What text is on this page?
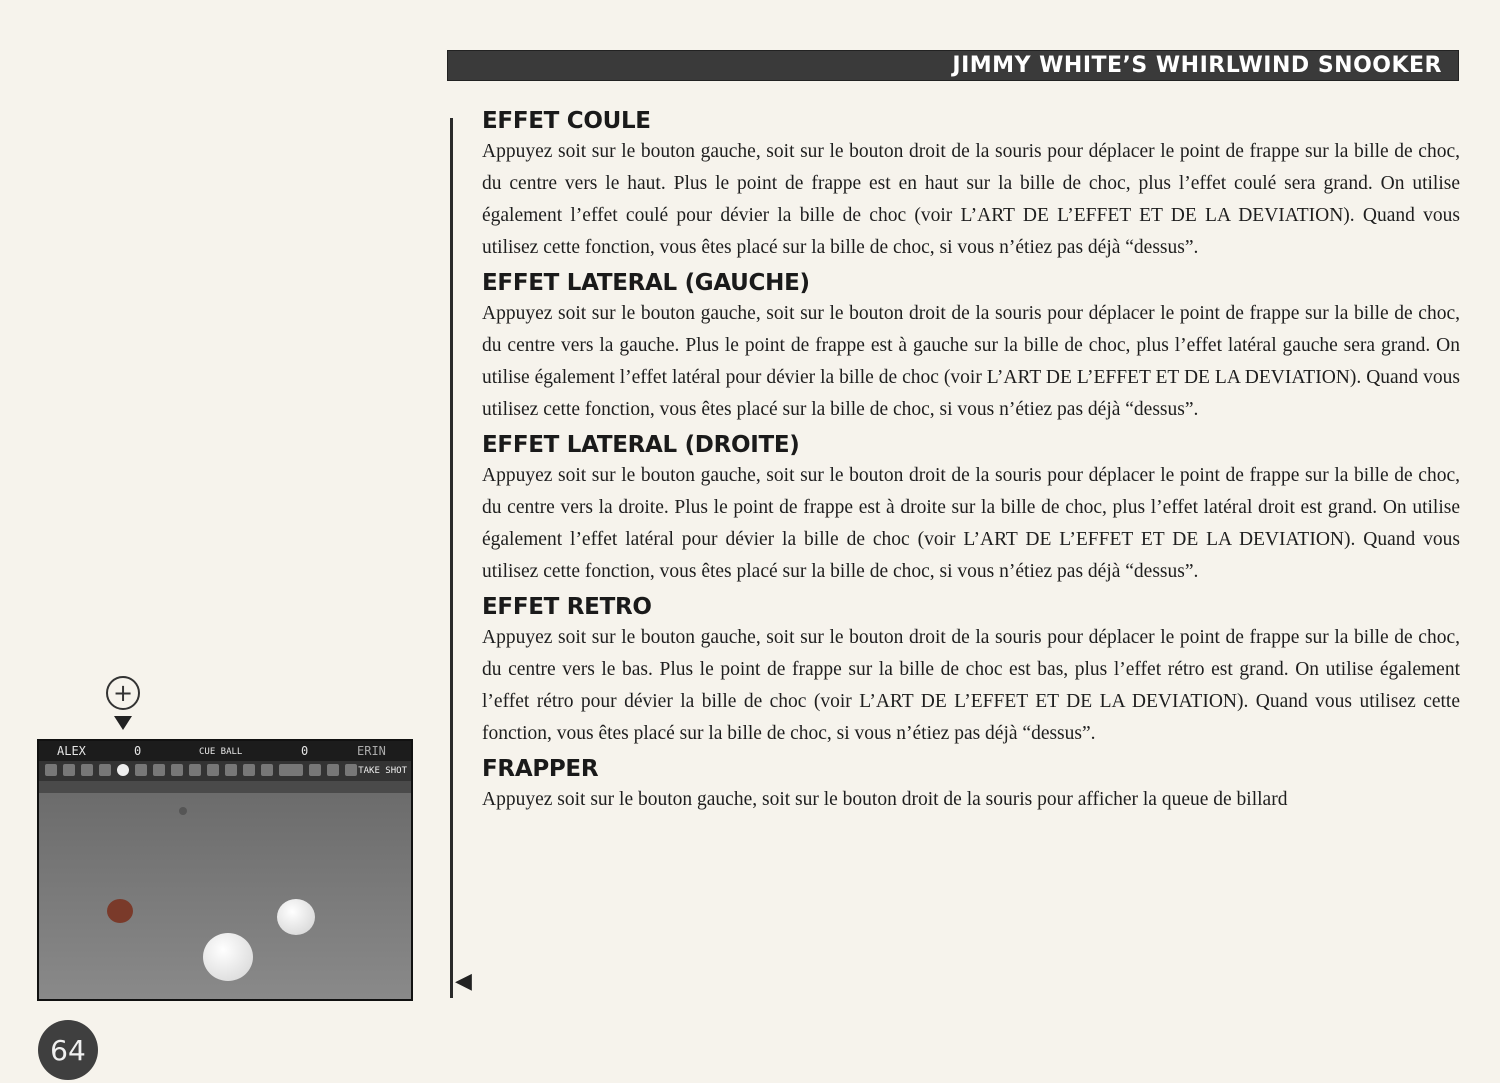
JIMMY WHITE’S WHIRLWIND SNOOKER
EFFET COULE

Appuyez soit sur le bouton gauche, soit sur le bouton droit de la souris pour déplacer le point de frappe sur la bille de choc, du centre vers le haut. Plus le point de frappe est en haut sur la bille de choc, plus l’effet coulé sera grand. On utilise également l’effet coulé pour dévier la bille de choc (voir L’ART DE L’EFFET ET DE LA DEVIATION). Quand vous utilisez cette fonction, vous êtes placé sur la bille de choc, si vous n’étiez pas déjà “dessus”.

EFFET LATERAL (GAUCHE)

Appuyez soit sur le bouton gauche, soit sur le bouton droit de la souris pour déplacer le point de frappe sur la bille de choc, du centre vers la gauche. Plus le point de frappe est à gauche sur la bille de choc, plus l’effet latéral gauche sera grand. On utilise également l’effet latéral pour dévier la bille de choc (voir L’ART DE L’EFFET ET DE LA DEVIATION). Quand vous utilisez cette fonction, vous êtes placé sur la bille de choc, si vous n’étiez pas déjà “dessus”.

EFFET LATERAL (DROITE)

Appuyez soit sur le bouton gauche, soit sur le bouton droit de la souris pour déplacer le point de frappe sur la bille de choc, du centre vers la droite. Plus le point de frappe est à droite sur la bille de choc, plus l’effet latéral droit est grand. On utilise également l’effet latéral pour dévier la bille de choc (voir L’ART DE L’EFFET ET DE LA DEVIATION). Quand vous utilisez cette fonction, vous êtes placé sur la bille de choc, si vous n’étiez pas déjà “dessus”.

EFFET RETRO

Appuyez soit sur le bouton gauche, soit sur le bouton droit de la souris pour déplacer le point de frappe sur la bille de choc, du centre vers le bas. Plus le point de frappe sur la bille de choc est bas, plus l’effet rétro est grand. On utilise également l’effet rétro pour dévier la bille de choc (voir L’ART DE L’EFFET ET DE LA DEVIATION). Quand vous utilisez cette fonction, vous êtes placé sur la bille de choc, si vous n’étiez pas déjà “dessus”.

FRAPPER

Appuyez soit sur le bouton gauche, soit sur le bouton droit de la souris pour afficher la queue de billard

◀
+
ALEX	0	CUE BALL	0	ERIN
TAKE SHOT
64
